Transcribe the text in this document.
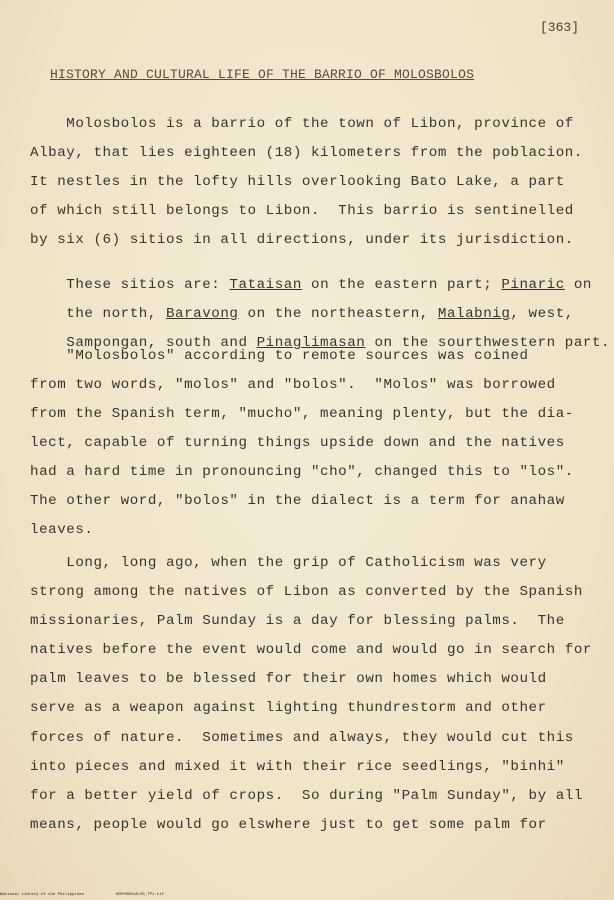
[363]
HISTORY AND CULTURAL LIFE OF THE BARRIO OF MOLOSBOLOS
Molosbolos is a barrio of the town of Libon, province of
Albay, that lies eighteen (18) kilometers from the poblacion.
It nestles in the lofty hills overlooking Bato Lake, a part
of which still belongs to Libon.  This barrio is sentinelled
by six (6) sitios in all directions, under its jurisdiction.

These sitios are: Tataisan on the eastern part; Pinaric on

the north, Baravong on the northeastern, Malabnig, west,

Sampongan, south and Pinaglimasan on the sourthwestern part.

"Molosbolos" according to remote sources was coined
from two words, "molos" and "bolos".  "Molos" was borrowed
from the Spanish term, "mucho", meaning plenty, but the dia-
lect, capable of turning things upside down and the natives
had a hard time in pronouncing "cho", changed this to "los".
The other word, "bolos" in the dialect is a term for anahaw
leaves.
Long, long ago, when the grip of Catholicism was very
strong among the natives of Libon as converted by the Spanish
missionaries, Palm Sunday is a day for blessing palms.  The
natives before the event would come and would go in search for
palm leaves to be blessed for their own homes which would
serve as a weapon against lighting thundrestorm and other
forces of nature.  Sometimes and always, they would cut this
into pieces and mixed it with their rice seedlings, "binhi"
for a better yield of crops.  So during "Palm Sunday", by all
means, people would go elswhere just to get some palm for
National Library of the Philippines	HDP00001A/20_TP1.tif
